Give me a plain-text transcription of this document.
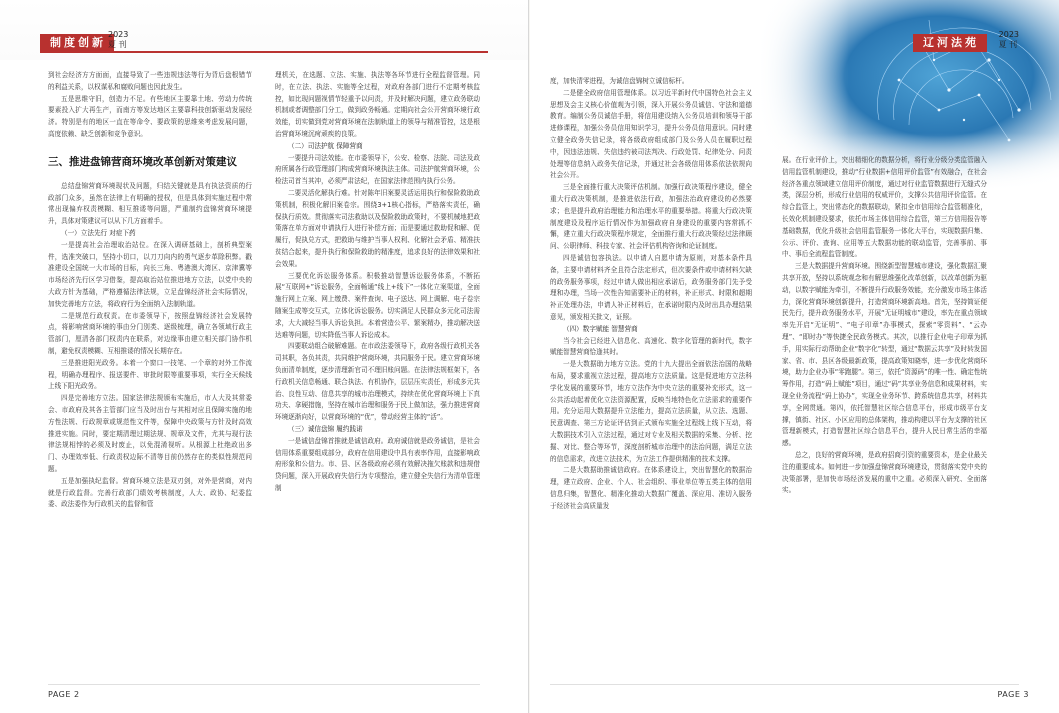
制度创新
2023
夏 刊

到社会经济方方面面，直接导致了一些违规违法等行为背后盘根错节的利益关系，以权谋私和腐败问题也因此发生。

五是思维守旧，创造力不足。有些地区主要靠土地、劳动力传统要素投入扩大再生产，而南方等发达地区主要靠科技创新驱动发展经济。特别是有的地区一直在等命令、要政策的思维来考虑发展问题，高度依赖、缺乏创新和竞争意识。

三、推进盘锦营商环境改革创新对策建议

总结盘锦营商环境现状及问题，归结关键就是具有执法资质的行政部门众多，虽然在法律上有明确的授权，但是具体到实施过程中常常出现偏弃权责模糊、相互推诿等问题，严重制约盘锦营商环境提升，具体对策建议可以从下几方面着手。

（一）立法先行 对症下药

一是提高社会治理取治站位。在深入调研基础上，剖析典型案件，选准突破口，坚持小切口，以刀刀向内的勇气逐步革除积弊。戳准建设全国统一大市场的目标，向长三角、粤港澳大湾区、京津冀等市场经济先行区学习借鉴，提高取治站位推进地方立法，以党中央的大政方针为基础，严格遵循法律法规，立足盘锦经济社会实际情况，加快完善地方立法，将政府行为全面纳入法制轨道。

二是规范行政权责。在市委领导下，按照盘锦经济社会发展特点，将影响营商环境的事由分门别类、逐级梳理，确立各领域行政主管部门，厘清各部门权责内在联系，对边缘事由建立相关部门协作机制，避免权责模糊、互相推诿的情况长期存在。

三是推进阳光政务。本着一个窗口一技笔、一个章的对外工作流程，明确办理程序、报送要件、审批时限等重要事项，实行全天候线上线下阳光政务。

四是完善地方立法。国家法律法规颁布实施后，市人大及其常委会、市政府及其各主管部门应当及时出台与其相对应且保障实施的地方性法规、行政规章或规范性文件等，保障中央政策与方针及时高效推进实施。同时，要定期清理过期法规、规章及文件，尤其与现行法律法规相悖的必须及时废止，以免混淆视听。从根源上杜绝政出多门、办理效率低、行政责权边际不清等目前仍然存在的类似性规范问题。

五是加强执纪监督。营商环境立法是双刃剑，对外是营商，对内就是行政监督。完善行政部门绩效考核制度，人大、政协、纪委监委、政法委作为行政机关的监督和管

理机关，在选题、立法、实施、执法等各环节进行全程监督管理。同时，在立法、执法、实施等全过程，对政府各部门进行不定期考核监控，如比现问题视情节轻重予以问责，并及时解决问题，建立政务联动机制或者调整部门分工，做到政务畅通。定期向社会公开营商环境行政效能，切实做到党对营商环境在法制轨道上的领导与精准管控，这是根治营商环境沉疴顽疾的良策。

（二）司法护航 保障营商

一要提升司法效能。在市委领导下，公安、检察、法院、司法及政府所属各行政管理部门构成营商环境执法主体。司法护航营商环境，公检法司首当其冲，必须严肃法纪，在国家法律范围内执行公务。

二要灵活化解执行难。针对陈年旧案要灵活运用执行和保险救助政策机制，积极化解旧案卷宗。围绕3+1核心指标，严格落实责任，确保执行质效。贯彻落实司法救助以及保险救助政策时，不要机械地把政策落在单方面对申请执行人进行补偿方面；而是要通过救助促和解、促履行，促执兑方式，把救助与维护当事人权利、化解社会矛盾、精准扶贫结合起来，提升执行和保险救助的精准度，追求良好的法律效果和社会效果。

三要优化诉讼服务体系。积极推动智慧诉讼服务体系，不断拓展“互联网+”诉讼服务，全面畅通“线上+线下”一体化立案渠道，全面施行网上立案、网上缴费、案件查询、电子送达、网上调解、电子卷宗随案生成等交互式，立体化诉讼服务。切实满足人民群众多元化司法需求，大大减轻当事人诉讼负担。本着营造公平、繁案精办，推动解决送达难等问题，切实降低当事人诉讼成本。

四要联动组合破解难题。在市政法委领导下，政府各级行政机关各司其职，各负其责，共同维护营商环境，共同服务于民。建立营商环境负面清单制度，逐步清理新官司不理旧账问题。在法律法规框架下，各行政机关信息畅通、联合执法、有机协作，层层压实责任，形成多元共治、良性互动、信息共享的城市治理模式，持续在优化营商环境上下真功夫、拿硬措施，坚持在城市治理和服务于民上做加法，强力推进营商环境逐渐向好，以营商环境的“优”，带动经营主体的“活”。

（三）诚信盘锦 履约践诺

一是诚信盘锦首推就是诚信政府。政府诚信就是政务诚信，是社会信用体系重要组成部分，政府在信用建设中具有表率作用，直接影响政府形象和公信力。市、县、区各级政府必须有效解决拖欠账款和违规借贷问题，深入开展政府失信行为专项整治，建立健全失信行为清单管理制

PAGE 2
辽河法苑
2023
夏 刊

度，加快清零进程，为诚信盘锦树立诚信标杆。

二是健全政府信用管理体系。以习近平新时代中国特色社会主义思想及会主义核心价值观为引领，深入开展公务员诚信、守法和道德教育。编制公务员诚信手册，将信用建设纳入公务员培训和领导干部进修课程，加强公务员信用知识学习，提升公务员信用意识。同时建立健全政务失信记录，将各级政府组成部门及公务人员在履职过程中，因违法违规、失信违约被司法判决、行政处罚、纪律处分、问责处理等信息纳入政务失信记录，并通过社会各级信用体系依法依规向社会公开。

三是全面推行重大决策评估机制。加强行政决策程序建设，健全重大行政决策机制，是推进依法行政，加强法治政府建设的必然要求；也是提升政府治理能力和治理水平的重要举措。将重大行政决策制度建设及程序运行情况作为加强政府自身建设的重要内容常抓不懈，建立重大行政决策程序规定，全面推行重大行政决策经过法律顾问、公职律师、科技专家、社会评估机构咨询和论证制度。

四是诚信包容执法。以申请人自愿申请为原则，对基本条件具备，主要申请材料齐全且符合法定形式，但次要条件或申请材料欠缺的政务服务事项，经过申请人做出相应承诺后，政务服务部门先予受理和办理，当场一次性告知需要补正的材料，补正形式、时限和超期补正处理办法，申请人补正材料后，在承诺时限内及时出具办理结果意见，颁发相关批文，证照。

（四）数字赋能 智慧营商

当今社会已经进入信息化、高速化、数字化管理的新时代，数字赋能智慧营商恰逢其时。

一是大数据助力地方立法。党的十九大提出全面依法治国的战略布局，要求重视立法过程，提高地方立法质量。这是促进地方立法科学化发展的重要环节，地方立法作为中央立法的重要补充形式，这一公共活动起着优化立法资源配置，反映当地特色化立法需求的重要作用。充分运用大数据提升立法能力，提高立法质量，从立法、选题、民意调查、第三方论证评估到正式颁布实施全过程线上线下互动，将大数据技术引入立法过程，通过对专业及相关数据的采集、分析、挖掘、对比、整合等环节，深度剖析城市治理中的法治问题，满足立法的信息需求，改进立法技术，为立法工作提供精准的技术支撑。

二是大数据助推诚信政府。在体系建设上，突出智慧化的数据治理，建立政府、企业、个人、社会组织、事业单位等五类主体的信用信息归集，智慧化、精准化推动大数据广覆盖、深应用、准切入服务于经济社会高质量发

展。在行业评价上，突出精细化的数据分析，将行业分级分类监管融入信用监管机制建设，推动“行业数据+信用评价监管”有效融合，在社会经济各重点领域建立信用评价制度，通过对行业监管数据进行无缝式分类，深层分析，形成行业信用的权威评价，支撑公共信用评价监管。在综合监管上，突出常态化的数据联动，紧扣全市信用综合监管精准化，长效化机制建设要求，依托市场主体信用综合监管，第三方信用报告等基础数据，优化升级社会信用监管服务一体化大平台，实现数据归集、公示、评价、查询、应用等五大数据功能的联动监管，完善事前、事中、事后全流程监管制度。

三是大数据提升营商环境。围绕新型智慧城市建设，强化数据汇聚共享开放，坚持以系统观念和有解思维强化改革创新，以改革创新为驱动，以数字赋能为牵引，不断提升行政服务效能，充分激发市场主体活力，深化营商环境创新提升，打造营商环境新高地。首先，坚持简证便民先行，提升政务服务水平，开展“无证明城市”建设，率先在重点领域率先开启“无证明”、“电子印章”办事模式，探索“零资料”、“云办理”、“即时办”等快捷全民政务模式。其次，以推行企业电子印章为抓手，用实际行动帮助企业“数字化”转型，通过“数据云共享”及时转发国家、省、市、县区各级最新政策，提高政策知晓率，进一步优化营商环境，助力企业办事“零跑腿”。第三，依托“资源码”的唯一性、确定性统筹作用，打造“码上赋能”项目，通过“码”共享业务信息和成果材料，实现全业务流程“码上协办”，实现全业务环节、跨系统信息共享，材料共享，全网贯通。第四，依托智慧社区综合信息平台，形成市级平台支撑，镇街、社区、小区应用的总体架构，推动构建以平台为支撑的社区管理新模式，打造智慧社区综合信息平台，提升人民日常生活的幸福感。

总之，良好的营商环境，是政府招商引资的重要资本，是企业最关注的重要成本。如何进一步加强盘锦营商环境建设，贯彻落实党中央的决策部署，是加快市场经济发展的重中之重。必须深入研究、全面落实。

PAGE 3
